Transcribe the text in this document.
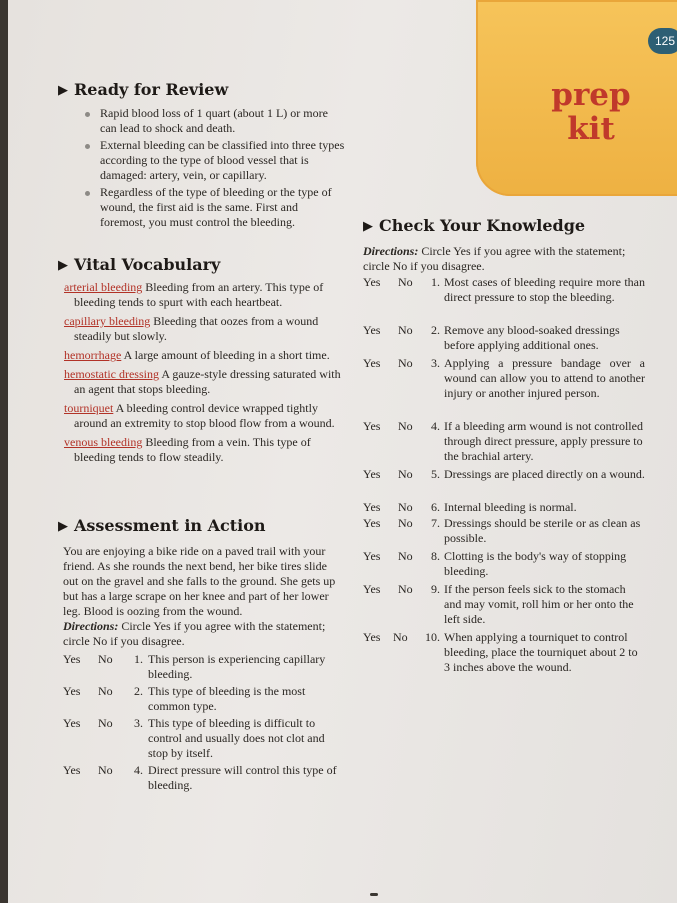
125
prep
kit
▶ Ready for Review
Rapid blood loss of 1 quart (about 1 L) or more can lead to shock and death.
External bleeding can be classified into three types according to the type of blood vessel that is damaged: artery, vein, or capillary.
Regardless of the type of bleeding or the type of wound, the first aid is the same. First and foremost, you must control the bleeding.
▶ Vital Vocabulary
arterial bleeding Bleeding from an artery. This type of bleeding tends to spurt with each heartbeat.
capillary bleeding Bleeding that oozes from a wound steadily but slowly.
hemorrhage A large amount of bleeding in a short time.
hemostatic dressing A gauze-style dressing saturated with an agent that stops bleeding.
tourniquet A bleeding control device wrapped tightly around an extremity to stop blood flow from a wound.
venous bleeding Bleeding from a vein. This type of bleeding tends to flow steadily.
▶ Assessment in Action
You are enjoying a bike ride on a paved trail with your friend. As she rounds the next bend, her bike tires slide out on the gravel and she falls to the ground. She gets up but has a large scrape on her knee and part of her lower leg. Blood is oozing from the wound.
Directions: Circle Yes if you agree with the statement; circle No if you disagree.
Yes No	1. This person is experiencing capillary bleeding.
Yes No	2. This type of bleeding is the most common type.
Yes No	3. This type of bleeding is difficult to control and usually does not clot and stop by itself.
Yes No	4. Direct pressure will control this type of bleeding.
▶ Check Your Knowledge
Directions: Circle Yes if you agree with the statement; circle No if you disagree.
Yes No	1. Most cases of bleeding require more than direct pressure to stop the bleeding.
Yes No	2. Remove any blood-soaked dressings before applying additional ones.
Yes No	3. Applying a pressure bandage over a wound can allow you to attend to another injury or another injured person.
Yes No	4. If a bleeding arm wound is not controlled through direct pressure, apply pressure to the brachial artery.
Yes No	5. Dressings are placed directly on a wound.
Yes No	6. Internal bleeding is normal.
Yes No	7. Dressings should be sterile or as clean as possible.
Yes No	8. Clotting is the body's way of stopping bleeding.
Yes No	9. If the person feels sick to the stomach and may vomit, roll him or her onto the left side.
Yes No	10. When applying a tourniquet to control bleeding, place the tourniquet about 2 to 3 inches above the wound.
